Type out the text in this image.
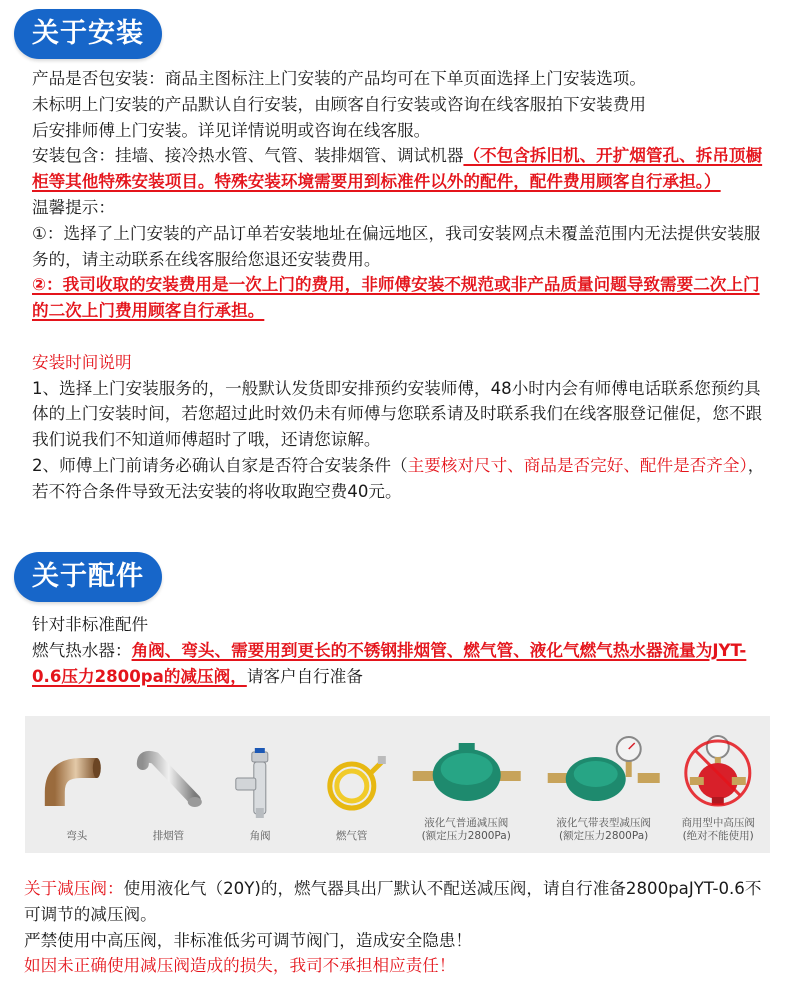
关于安装

产品是否包安装：商品主图标注上门安装的产品均可在下单页面选择上门安装选项。

未标明上门安装的产品默认自行安装，由顾客自行安装或咨询在线客服拍下安装费用

后安排师傅上门安装。详见详情说明或咨询在线客服。

安装包含：挂墙、接冷热水管、气管、装排烟管、调试机器（不包含拆旧机、开扩烟管孔、拆吊顶橱柜等其他特殊安装项目。特殊安装环境需要用到标准件以外的配件，配件费用顾客自行承担。）

温馨提示：

①：选择了上门安装的产品订单若安装地址在偏远地区，我司安装网点未覆盖范围内无法提供安装服务的，请主动联系在线客服给您退还安装费用。

②：我司收取的安装费用是一次上门的费用，非师傅安装不规范或非产品质量问题导致需要二次上门的二次上门费用顾客自行承担。

安装时间说明

1、选择上门安装服务的，一般默认发货即安排预约安装师傅，48小时内会有师傅电话联系您预约具体的上门安装时间，若您超过此时效仍未有师傅与您联系请及时联系我们在线客服登记催促，您不跟我们说我们不知道师傅超时了哦，还请您谅解。

2、师傅上门前请务必确认自家是否符合安装条件（主要核对尺寸、商品是否完好、配件是否齐全），若不符合条件导致无法安装的将收取跑空费40元。

关于配件

针对非标准配件

燃气热水器：角阀、弯头、需要用到更长的不锈钢排烟管、燃气管、液化气燃气热水器流量为JYT-0.6压力2800pa的减压阀，请客户自行准备

弯头	排烟管	角阀	燃气管
液化气普通减压阀
(额定压力2800Pa)
液化气带表型减压阀
(额定压力2800Pa)
商用型中高压阀
(绝对不能使用)

关于减压阀：使用液化气（20Y)的，燃气器具出厂默认不配送减压阀，请自行准备2800paJYT-0.6不可调节的减压阀。

严禁使用中高压阀，非标准低劣可调节阀门，造成安全隐患！

如因未正确使用减压阀造成的损失，我司不承担相应责任！
